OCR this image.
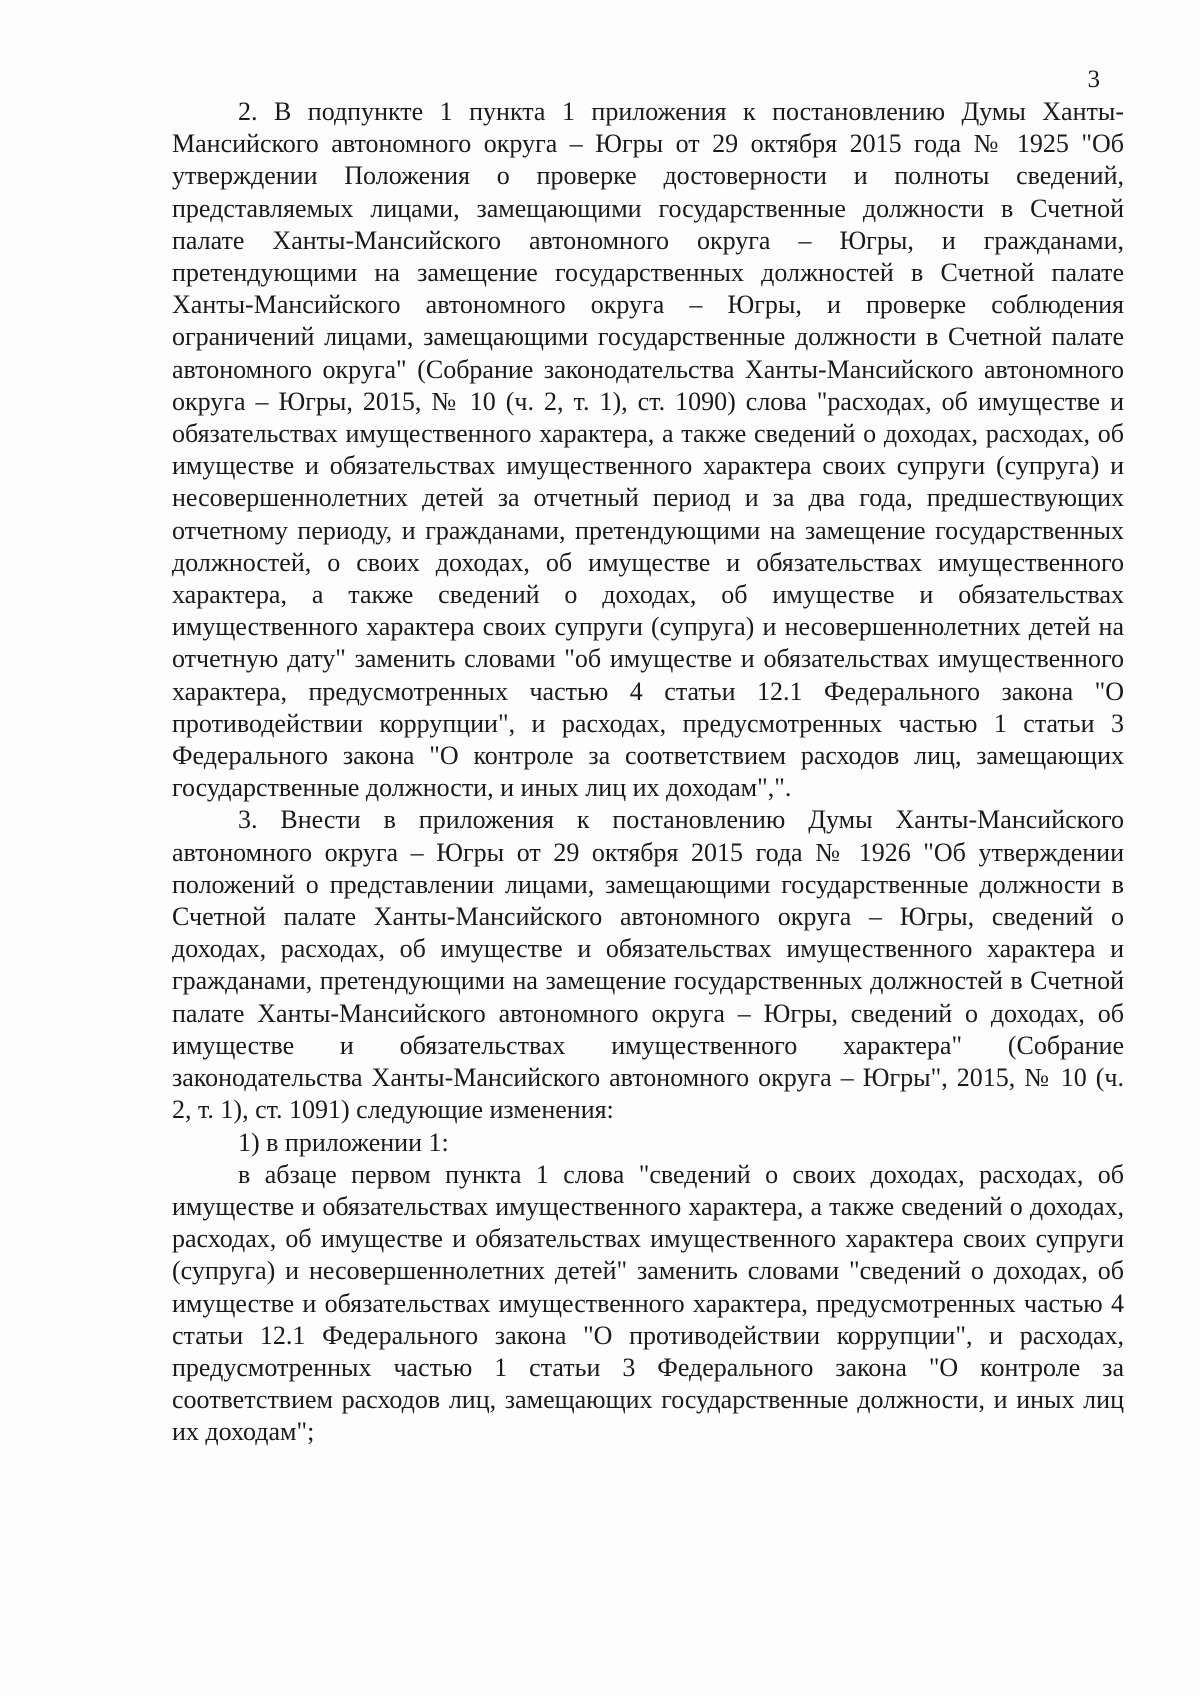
3

2. В подпункте 1 пункта 1 приложения к постановлению Думы Ханты-Мансийского автономного округа – Югры от 29 октября 2015 года № 1925 "Об утверждении Положения о проверке достоверности и полноты сведений, представляемых лицами, замещающими государственные должности в Счетной палате Ханты-Мансийского автономного округа – Югры, и гражданами, претендующими на замещение государственных должностей в Счетной палате Ханты-Мансийского автономного округа – Югры, и проверке соблюдения ограничений лицами, замещающими государственные должности в Счетной палате автономного округа" (Собрание законодательства Ханты-Мансийского автономного округа – Югры, 2015, № 10 (ч. 2, т. 1), ст. 1090) слова "расходах, об имуществе и обязательствах имущественного характера, а также сведений о доходах, расходах, об имуществе и обязательствах имущественного характера своих супруги (супруга) и несовершеннолетних детей за отчетный период и за два года, предшествующих отчетному периоду, и гражданами, претендующими на замещение государственных должностей, о своих доходах, об имуществе и обязательствах имущественного характера, а также сведений о доходах, об имуществе и обязательствах имущественного характера своих супруги (супруга) и несовершеннолетних детей на отчетную дату" заменить словами "об имуществе и обязательствах имущественного характера, предусмотренных частью 4 статьи 12.1 Федерального закона "О противодействии коррупции", и расходах, предусмотренных частью 1 статьи 3 Федерального закона "О контроле за соответствием расходов лиц, замещающих государственные должности, и иных лиц их доходам",".

3. Внести в приложения к постановлению Думы Ханты-Мансийского автономного округа – Югры от 29 октября 2015 года № 1926 "Об утверждении положений о представлении лицами, замещающими государственные должности в Счетной палате Ханты-Мансийского автономного округа – Югры, сведений о доходах, расходах, об имуществе и обязательствах имущественного характера и гражданами, претендующими на замещение государственных должностей в Счетной палате Ханты-Мансийского автономного округа – Югры, сведений о доходах, об имуществе и обязательствах имущественного характера" (Собрание законодательства Ханты-Мансийского автономного округа – Югры", 2015, № 10 (ч. 2, т. 1), ст. 1091) следующие изменения:

1) в приложении 1:

в абзаце первом пункта 1 слова "сведений о своих доходах, расходах, об имуществе и обязательствах имущественного характера, а также сведений о доходах, расходах, об имуществе и обязательствах имущественного характера своих супруги (супруга) и несовершеннолетних детей" заменить словами "сведений о доходах, об имуществе и обязательствах имущественного характера, предусмотренных частью 4 статьи 12.1 Федерального закона "О противодействии коррупции", и расходах, предусмотренных частью 1 статьи 3 Федерального закона "О контроле за соответствием расходов лиц, замещающих государственные должности, и иных лиц их доходам";
